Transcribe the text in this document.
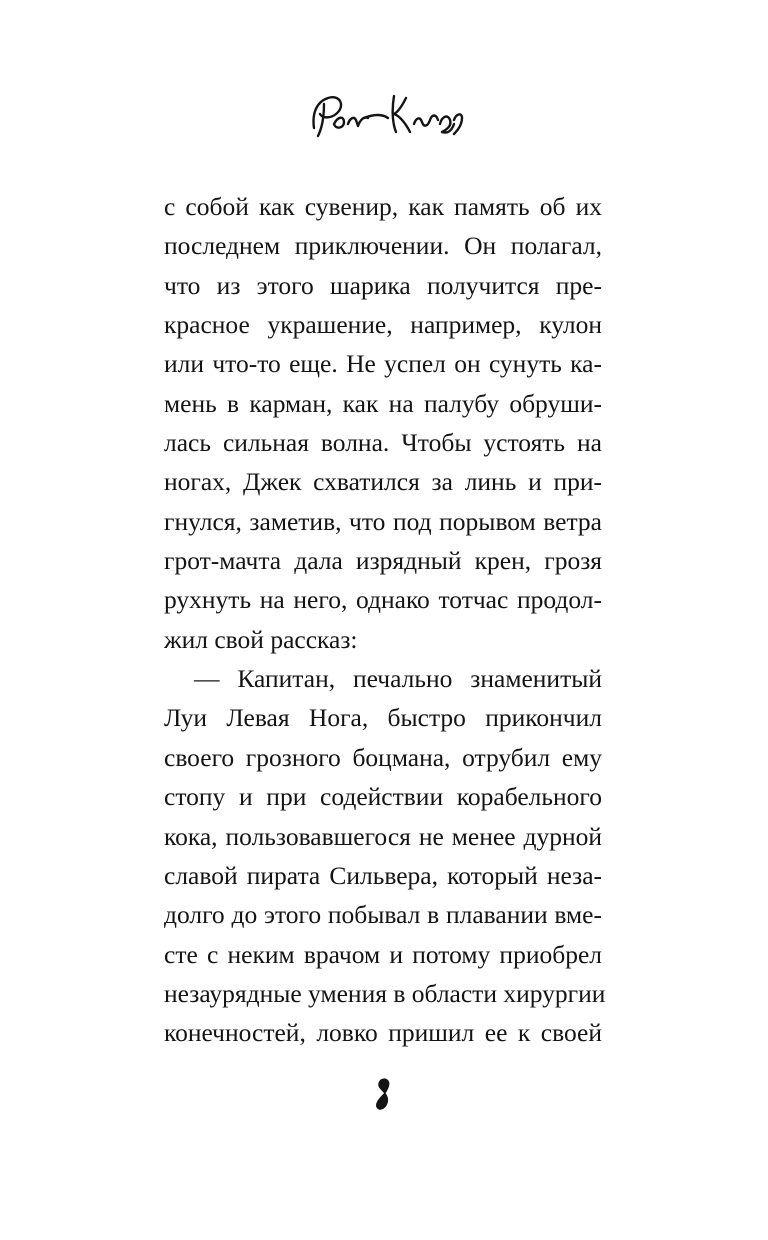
с собой как сувенир, как память об их
последнем приключении. Он полагал,
что из этого шарика получится пре-
красное украшение, например, кулон
или что-то еще. Не успел он сунуть ка-
мень в карман, как на палубу обруши-
лась сильная волна. Чтобы устоять на
ногах, Джек схватился за линь и при-
гнулся, заметив, что под порывом ветра
грот-мачта дала изрядный крен, грозя
рухнуть на него, однако тотчас продол-
жил свой рассказ:
— Капитан, печально знаменитый
Луи Левая Нога, быстро прикончил
своего грозного боцмана, отрубил ему
стопу и при содействии корабельного
кока, пользовавшегося не менее дурной
славой пирата Сильвера, который неза-
долго до этого побывал в плавании вме-
сте с неким врачом и потому приобрел
незаурядные умения в области хирургии
конечностей, ловко пришил ее к своей
